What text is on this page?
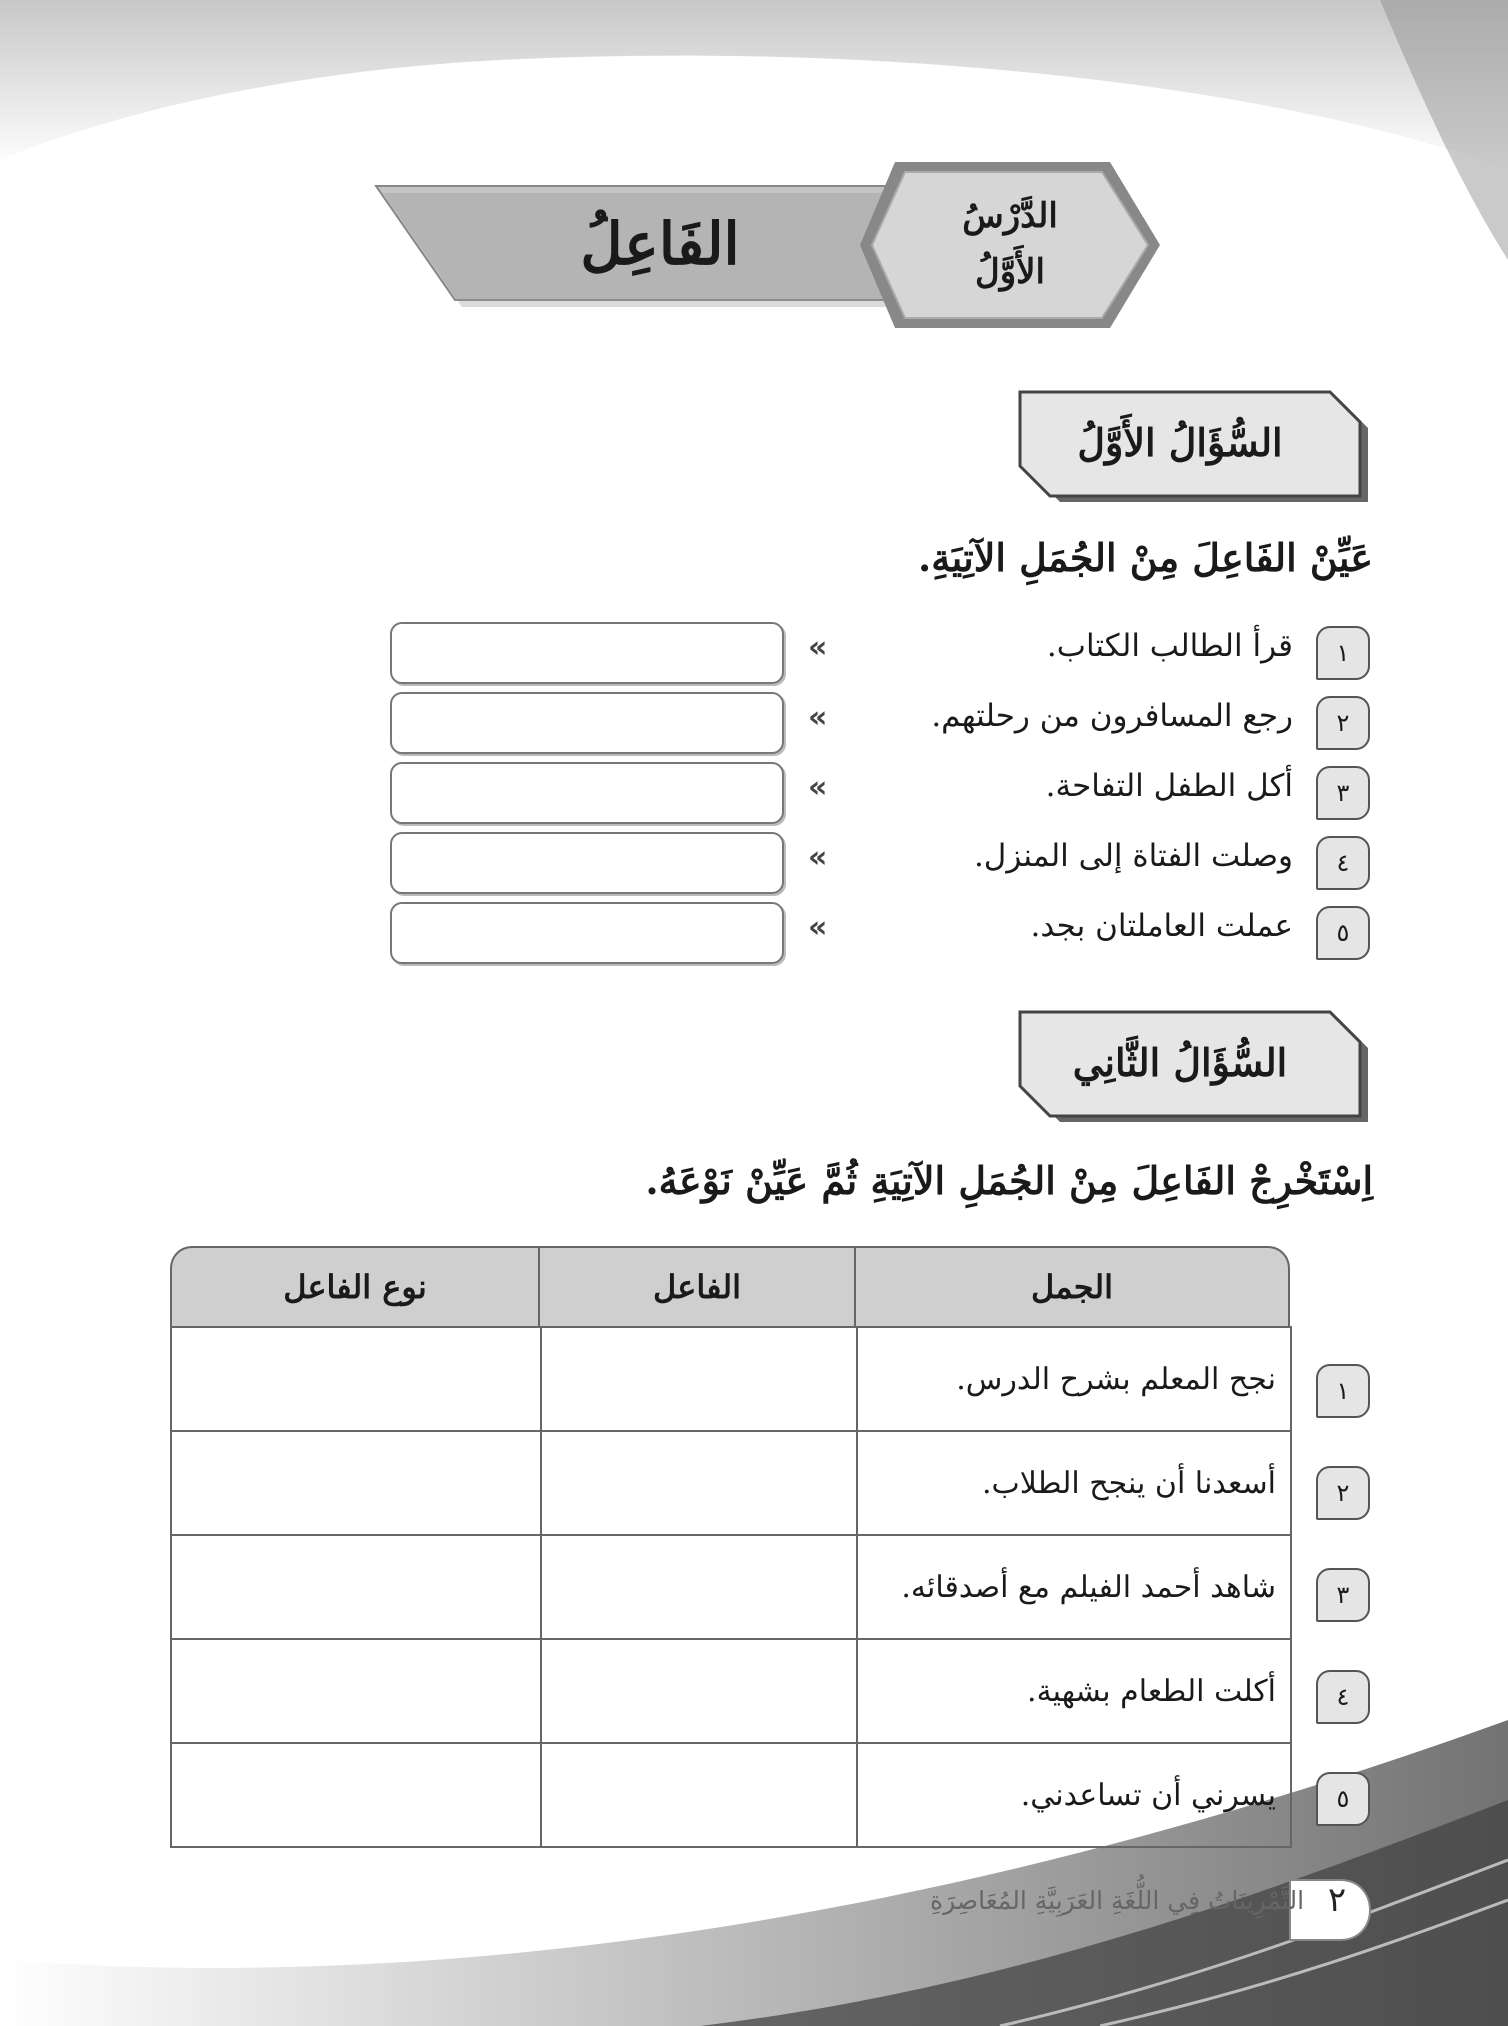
الدَّرْسُ
الأَوَّلُ
الفَاعِلُ
السُّؤَالُ الأَوَّلُ
عَيِّنْ الفَاعِلَ مِنْ الجُمَلِ الآتِيَةِ.
١
قرأ الطالب الكتاب.
«
٢
رجع المسافرون من رحلتهم.
«
٣
أكل الطفل التفاحة.
«
٤
وصلت الفتاة إلى المنزل.
«
٥
عملت العاملتان بجد.
«
السُّؤَالُ الثَّانِي
اِسْتَخْرِجْ الفَاعِلَ مِنْ الجُمَلِ الآتِيَةِ ثُمَّ عَيِّنْ نَوْعَهُ.
نوع الفاعل	الفاعل	الجمل
نجح المعلم بشرح الدرس.
أسعدنا أن ينجح الطلاب.
شاهد أحمد الفيلم مع أصدقائه.
أكلت الطعام بشهية.
يسرني أن تساعدني.
١
٢
٣
٤
٥
التَّمْرِينَاتُ فِي اللُّغَةِ العَرَبِيَّةِ المُعَاصِرَةِ ٢
